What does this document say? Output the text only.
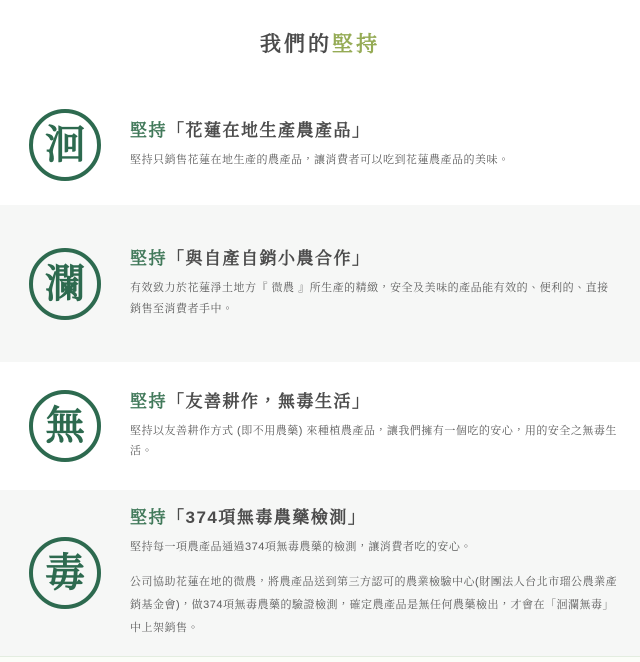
我們的堅持
洄	堅持「花蓮在地生產農產品」

堅持只銷售花蓮在地生產的農產品，讓消費者可以吃到花蓮農產品的美味。

瀾
堅持「與自產自銷小農合作」

有效致力於花蓮淨土地方『 微農 』所生產的精緻，安全及美味的產品能有效的、便利的、直接銷售至消費者手中。

無
堅持「友善耕作，無毒生活」

堅持以友善耕作方式 (即不用農藥) 來種植農產品，讓我們擁有一個吃的安心，用的安全之無毒生活。

毒
堅持「374項無毒農藥檢測」

堅持每一項農產品通過374項無毒農藥的檢測，讓消費者吃的安心。

公司協助花蓮在地的微農，將農產品送到第三方認可的農業檢驗中心(財團法人台北市瑠公農業產銷基金會)，做374項無毒農藥的驗證檢測，確定農產品是無任何農藥檢出，才會在「洄瀾無毒」中上架銷售。
